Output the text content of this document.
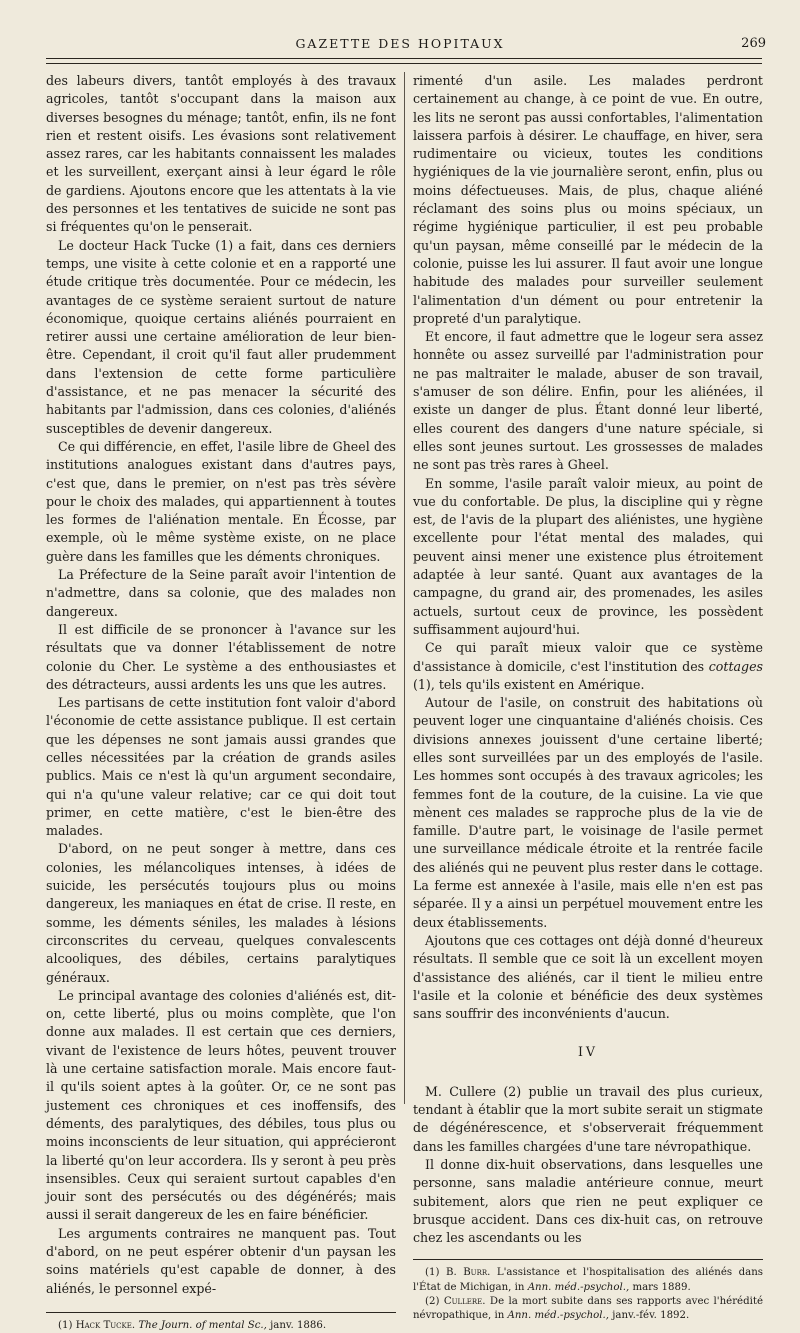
GAZETTE DES HOPITAUX	269

des labeurs divers, tantôt employés à des travaux agricoles, tantôt s'occupant dans la maison aux diverses besognes du ménage; tantôt, enfin, ils ne font rien et restent oisifs. Les évasions sont relativement assez rares, car les habitants connaissent les malades et les surveillent, exerçant ainsi à leur égard le rôle de gardiens. Ajoutons encore que les attentats à la vie des personnes et les tentatives de suicide ne sont pas si fréquentes qu'on le penserait.

Le docteur Hack Tucke (1) a fait, dans ces derniers temps, une visite à cette colonie et en a rapporté une étude critique très documentée. Pour ce médecin, les avantages de ce système seraient surtout de nature économique, quoique certains aliénés pourraient en retirer aussi une certaine amélioration de leur bien-être. Cependant, il croit qu'il faut aller prudemment dans l'extension de cette forme particulière d'assistance, et ne pas menacer la sécurité des habitants par l'admission, dans ces colonies, d'aliénés susceptibles de devenir dangereux.

Ce qui différencie, en effet, l'asile libre de Gheel des institutions analogues existant dans d'autres pays, c'est que, dans le premier, on n'est pas très sévère pour le choix des malades, qui appartiennent à toutes les formes de l'aliénation mentale. En Écosse, par exemple, où le même système existe, on ne place guère dans les familles que les déments chroniques.

La Préfecture de la Seine paraît avoir l'intention de n'admettre, dans sa colonie, que des malades non dangereux.

Il est difficile de se prononcer à l'avance sur les résultats que va donner l'établissement de notre colonie du Cher. Le système a des enthousiastes et des détracteurs, aussi ardents les uns que les autres.

Les partisans de cette institution font valoir d'abord l'économie de cette assistance publique. Il est certain que les dépenses ne sont jamais aussi grandes que celles nécessitées par la création de grands asiles publics. Mais ce n'est là qu'un argument secondaire, qui n'a qu'une valeur relative; car ce qui doit tout primer, en cette matière, c'est le bien-être des malades.

D'abord, on ne peut songer à mettre, dans ces colonies, les mélancoliques intenses, à idées de suicide, les persécutés toujours plus ou moins dangereux, les maniaques en état de crise. Il reste, en somme, les déments séniles, les malades à lésions circonscrites du cerveau, quelques convalescents alcooliques, des débiles, certains paralytiques généraux.

Le principal avantage des colonies d'aliénés est, dit-on, cette liberté, plus ou moins complète, que l'on donne aux malades. Il est certain que ces derniers, vivant de l'existence de leurs hôtes, peuvent trouver là une certaine satisfaction morale. Mais encore faut-il qu'ils soient aptes à la goûter. Or, ce ne sont pas justement ces chroniques et ces inoffensifs, des déments, des paralytiques, des débiles, tous plus ou moins inconscients de leur situation, qui apprécieront la liberté qu'on leur accordera. Ils y seront à peu près insensibles. Ceux qui seraient surtout capables d'en jouir sont des persécutés ou des dégénérés; mais aussi il serait dangereux de les en faire bénéficier.

Les arguments contraires ne manquent pas. Tout d'abord, on ne peut espérer obtenir d'un paysan les soins matériels qu'est capable de donner, à des aliénés, le personnel expé-

(1) Hack Tucke. The Journ. of mental Sc., janv. 1886.

rimenté d'un asile. Les malades perdront certainement au change, à ce point de vue. En outre, les lits ne seront pas aussi confortables, l'alimentation laissera parfois à désirer. Le chauffage, en hiver, sera rudimentaire ou vicieux, toutes les conditions hygiéniques de la vie journalière seront, enfin, plus ou moins défectueuses. Mais, de plus, chaque aliéné réclamant des soins plus ou moins spéciaux, un régime hygiénique particulier, il est peu probable qu'un paysan, même conseillé par le médecin de la colonie, puisse les lui assurer. Il faut avoir une longue habitude des malades pour surveiller seulement l'alimentation d'un dément ou pour entretenir la propreté d'un paralytique.

Et encore, il faut admettre que le logeur sera assez honnête ou assez surveillé par l'administration pour ne pas maltraiter le malade, abuser de son travail, s'amuser de son délire. Enfin, pour les aliénées, il existe un danger de plus. Étant donné leur liberté, elles courent des dangers d'une nature spéciale, si elles sont jeunes surtout. Les grossesses de malades ne sont pas très rares à Gheel.

En somme, l'asile paraît valoir mieux, au point de vue du confortable. De plus, la discipline qui y règne est, de l'avis de la plupart des aliénistes, une hygiène excellente pour l'état mental des malades, qui peuvent ainsi mener une existence plus étroitement adaptée à leur santé. Quant aux avantages de la campagne, du grand air, des promenades, les asiles actuels, surtout ceux de province, les possèdent suffisamment aujourd'hui.

Ce qui paraît mieux valoir que ce système d'assistance à domicile, c'est l'institution des cottages (1), tels qu'ils existent en Amérique.

Autour de l'asile, on construit des habitations où peuvent loger une cinquantaine d'aliénés choisis. Ces divisions annexes jouissent d'une certaine liberté; elles sont surveillées par un des employés de l'asile. Les hommes sont occupés à des travaux agricoles; les femmes font de la couture, de la cuisine. La vie que mènent ces malades se rapproche plus de la vie de famille. D'autre part, le voisinage de l'asile permet une surveillance médicale étroite et la rentrée facile des aliénés qui ne peuvent plus rester dans le cottage. La ferme est annexée à l'asile, mais elle n'en est pas séparée. Il y a ainsi un perpétuel mouvement entre les deux établissements.

Ajoutons que ces cottages ont déjà donné d'heureux résultats. Il semble que ce soit là un excellent moyen d'assistance des aliénés, car il tient le milieu entre l'asile et la colonie et bénéficie des deux systèmes sans souffrir des inconvénients d'aucun.

IV

M. Cullere (2) publie un travail des plus curieux, tendant à établir que la mort subite serait un stigmate de dégénérescence, et s'observerait fréquemment dans les familles chargées d'une tare névropathique.

Il donne dix-huit observations, dans lesquelles une personne, sans maladie antérieure connue, meurt subitement, alors que rien ne peut expliquer ce brusque accident. Dans ces dix-huit cas, on retrouve chez les ascendants ou les

(1) B. Burr. L'assistance et l'hospitalisation des aliénés dans l'État de Michigan, in Ann. méd.-psychol., mars 1889.

(2) Cullere. De la mort subite dans ses rapports avec l'hérédité névropathique, in Ann. méd.-psychol., janv.-fév. 1892.
